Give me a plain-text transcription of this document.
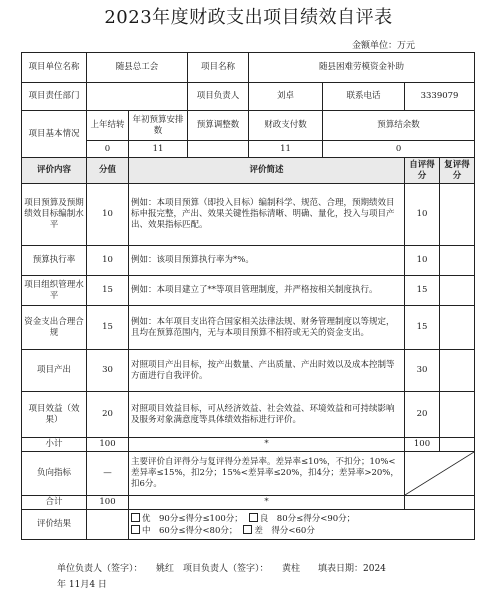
2023年度财政支出项目绩效自评表
金额单位：万元
项目单位名称	随县总工会		项目名称	随县困难劳模资金补助			
项目责任部门			项目负责人	刘卓	联系电话	3339079	
项目基本情况	上年结转	年初预算安排数	预算调整数	财政支付数	预算结余数		
	0	11		11	0		
评价内容	分值	评价简述				自评得分	复评得分
项目预算及预期绩效目标编制水平	10	例如：本项目预算（即投入目标）编制科学、规范、合理，预期绩效目标申报完整，产出、效果关键性指标清晰、明确、量化，投入与项目产出、效果指标匹配。				10	
预算执行率	10	例如：该项目预算执行率为*%。				10	
项目组织管理水平	15	例如：本项目建立了**等项目管理制度，并严格按相关制度执行。				15	
资金支出合理合规	15	例如：本年项目支出符合国家相关法律法规、财务管理制度以等规定，且均在预算范围内，无与本项目预算不相符或无关的资金支出。				15	
项目产出	30	对照项目产出目标，按产出数量、产出质量、产出时效以及成本控制等方面进行自我评价。				30	
项目效益（效果）	20	对照项目效益目标，可从经济效益、社会效益、环境效益和可持续影响及服务对象满意度等具体绩效指标进行评价。				20	
小计	100	*				100	
负向指标	—	主要评价自评得分与复评得分差异率。差异率≤10%，不扣分；10%<差异率≤15%，扣2分；15%<差异率≤20%，扣4分；差异率>20%，扣6分。	

合计	100	*					
评价结果		优　90分≤得分≤100分； 良　80分≤得分<90分；
中　60分≤得分<80分； 差　得分<60分					
单位负责人（签字）：　　姚红　项目负责人（签字）：　　黄柱　　填表日期：2024
年 11月4 日
